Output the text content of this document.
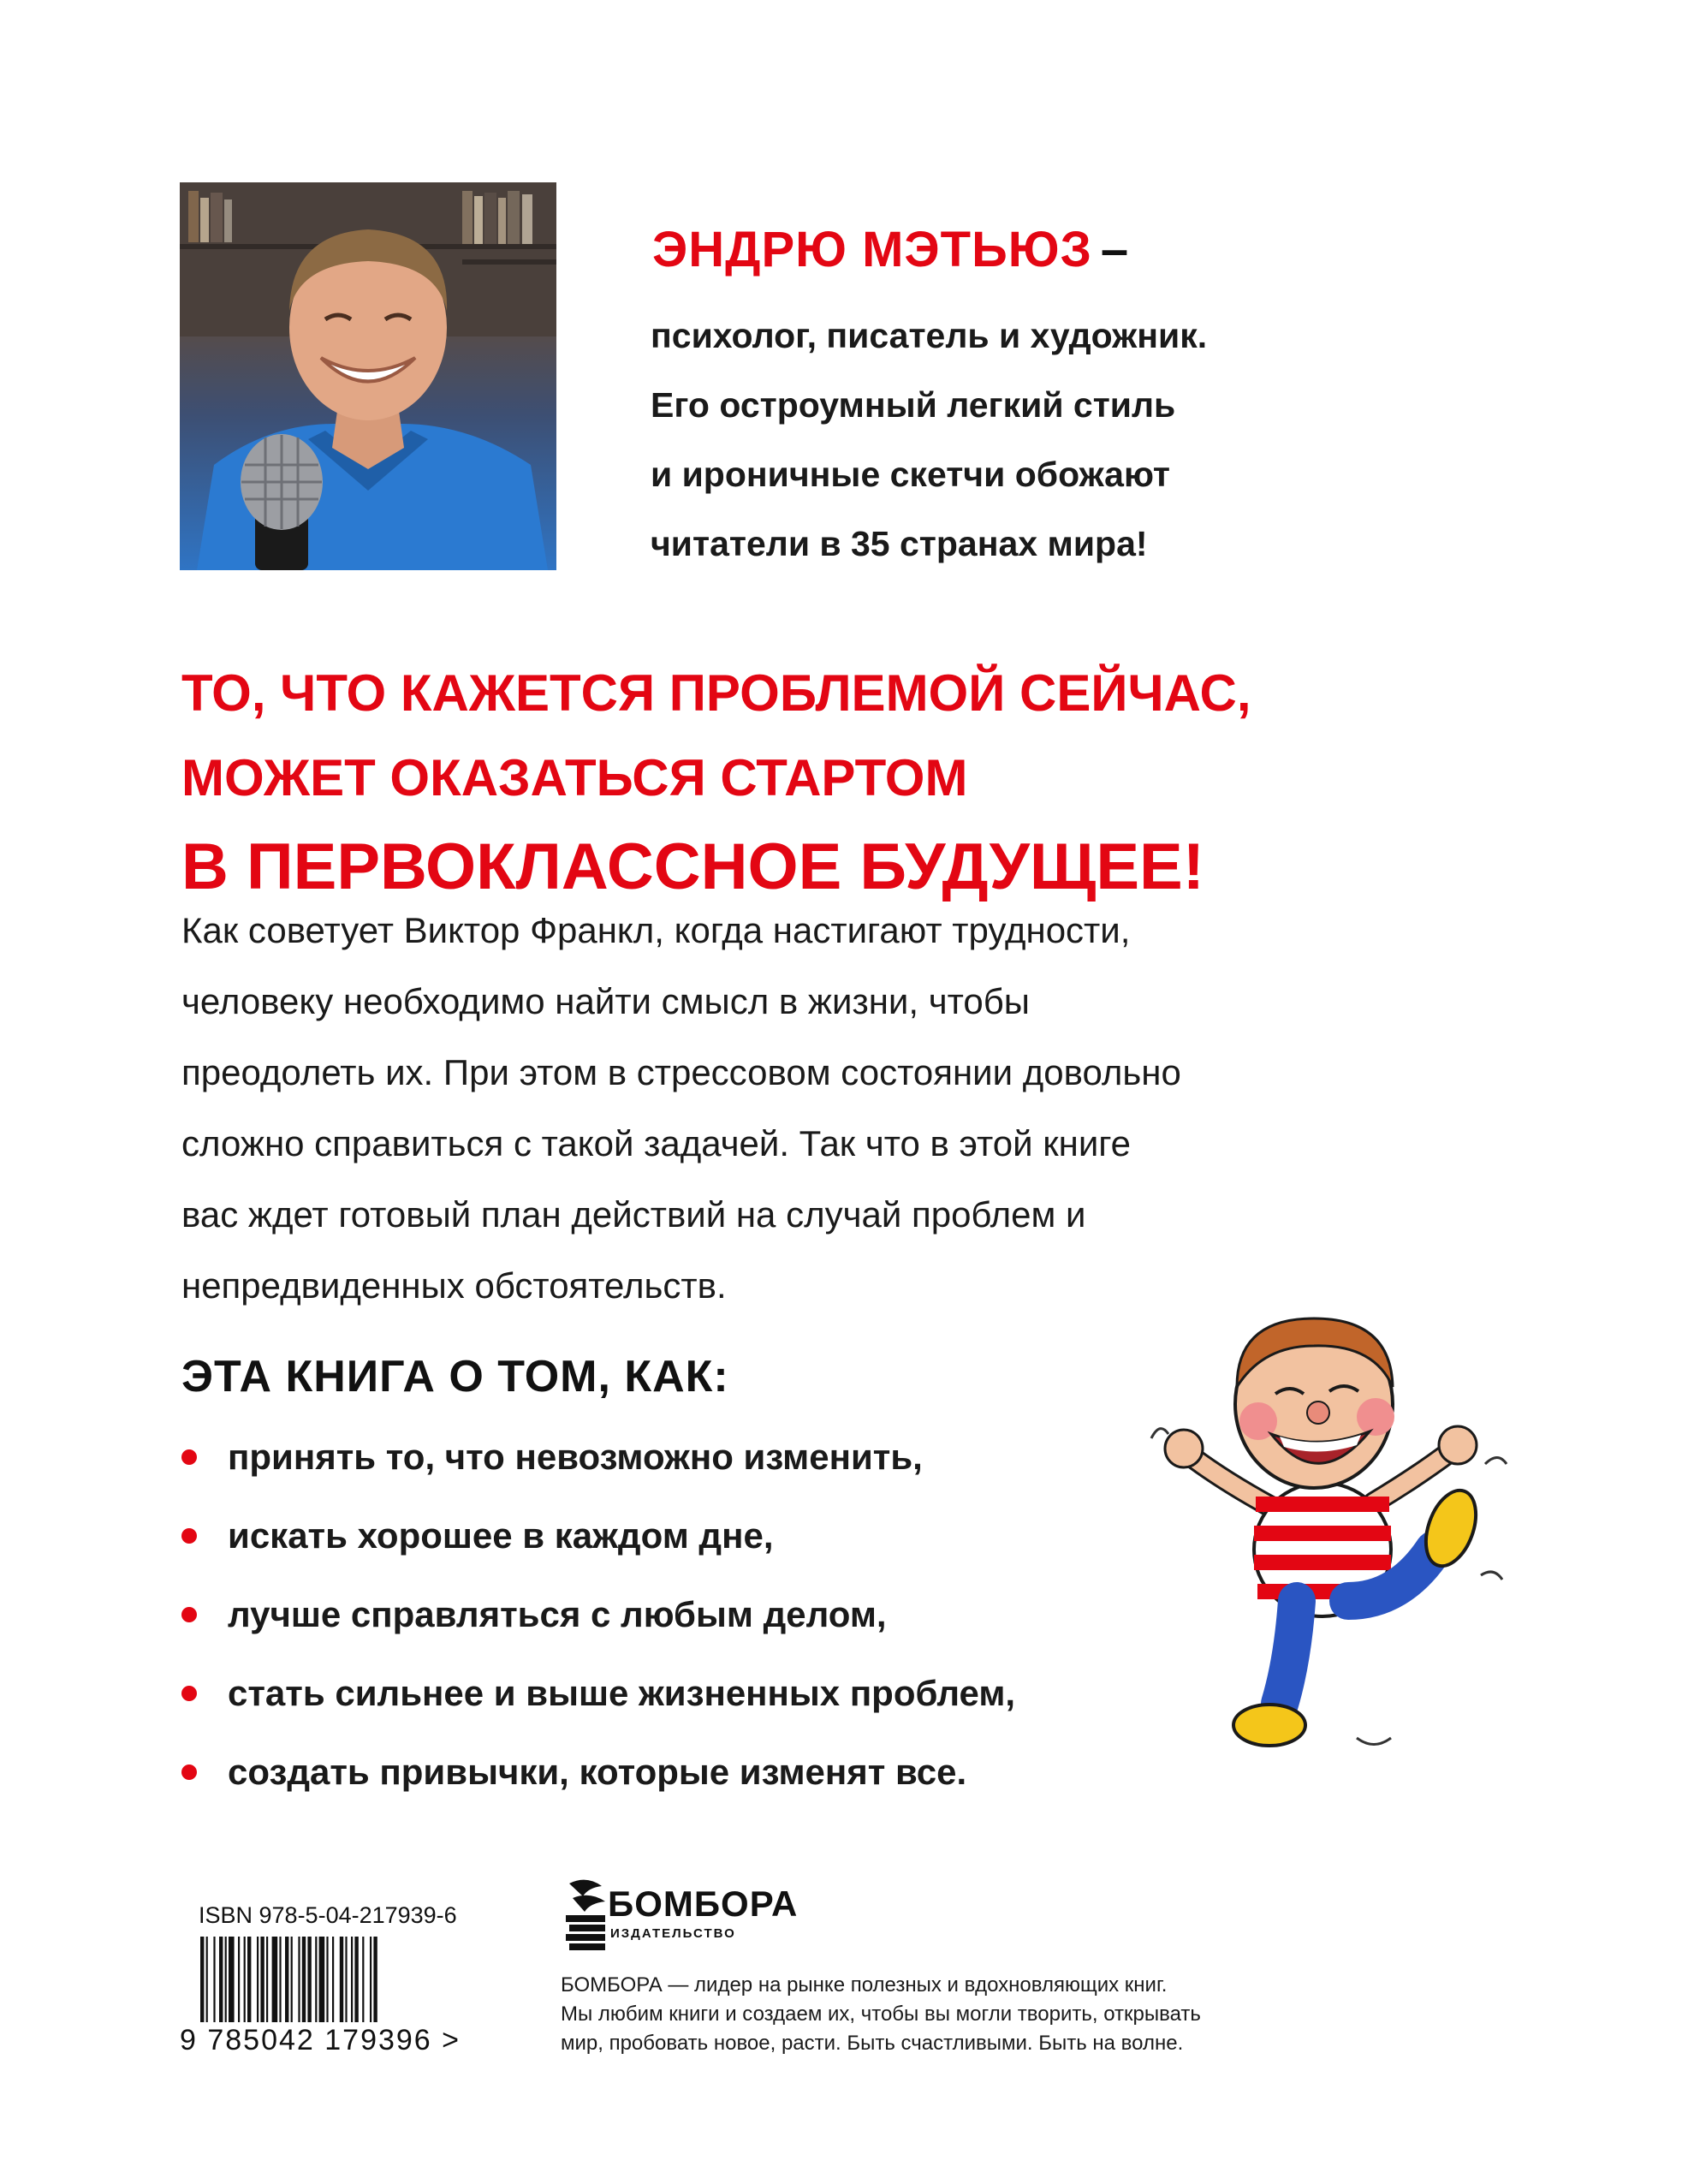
ЭНДРЮ МЭТЬЮЗ –

психолог, писатель и художник.
Его остроумный легкий стиль
и ироничные скетчи обожают
читатели в 35 странах мира!

ТО, ЧТО КАЖЕТСЯ ПРОБЛЕМОЙ СЕЙЧАС,
МОЖЕТ ОКАЗАТЬСЯ СТАРТОМ
В ПЕРВОКЛАССНОЕ БУДУЩЕЕ!

Как советует Виктор Франкл, когда настигают трудности,
человеку необходимо найти смысл в жизни, чтобы
преодолеть их. При этом в стрессовом состоянии довольно
сложно справиться с такой задачей. Так что в этой книге
вас ждет готовый план действий на случай проблем и
непредвиденных обстоятельств.

ЭТА КНИГА О ТОМ, КАК:
принять то, что невозможно изменить,
искать хорошее в каждом дне,
лучше справляться с любым делом,
стать сильнее и выше жизненных проблем,
создать привычки, которые изменят все.

ISBN 978-5-04-217939-6

9 785042 179396 >

БОМБОРА

ИЗДАТЕЛЬСТВО

БОМБОРА — лидер на рынке полезных и вдохновляющих книг.
Мы любим книги и создаем их, чтобы вы могли творить, открывать
мир, пробовать новое, расти. Быть счастливыми. Быть на волне.
